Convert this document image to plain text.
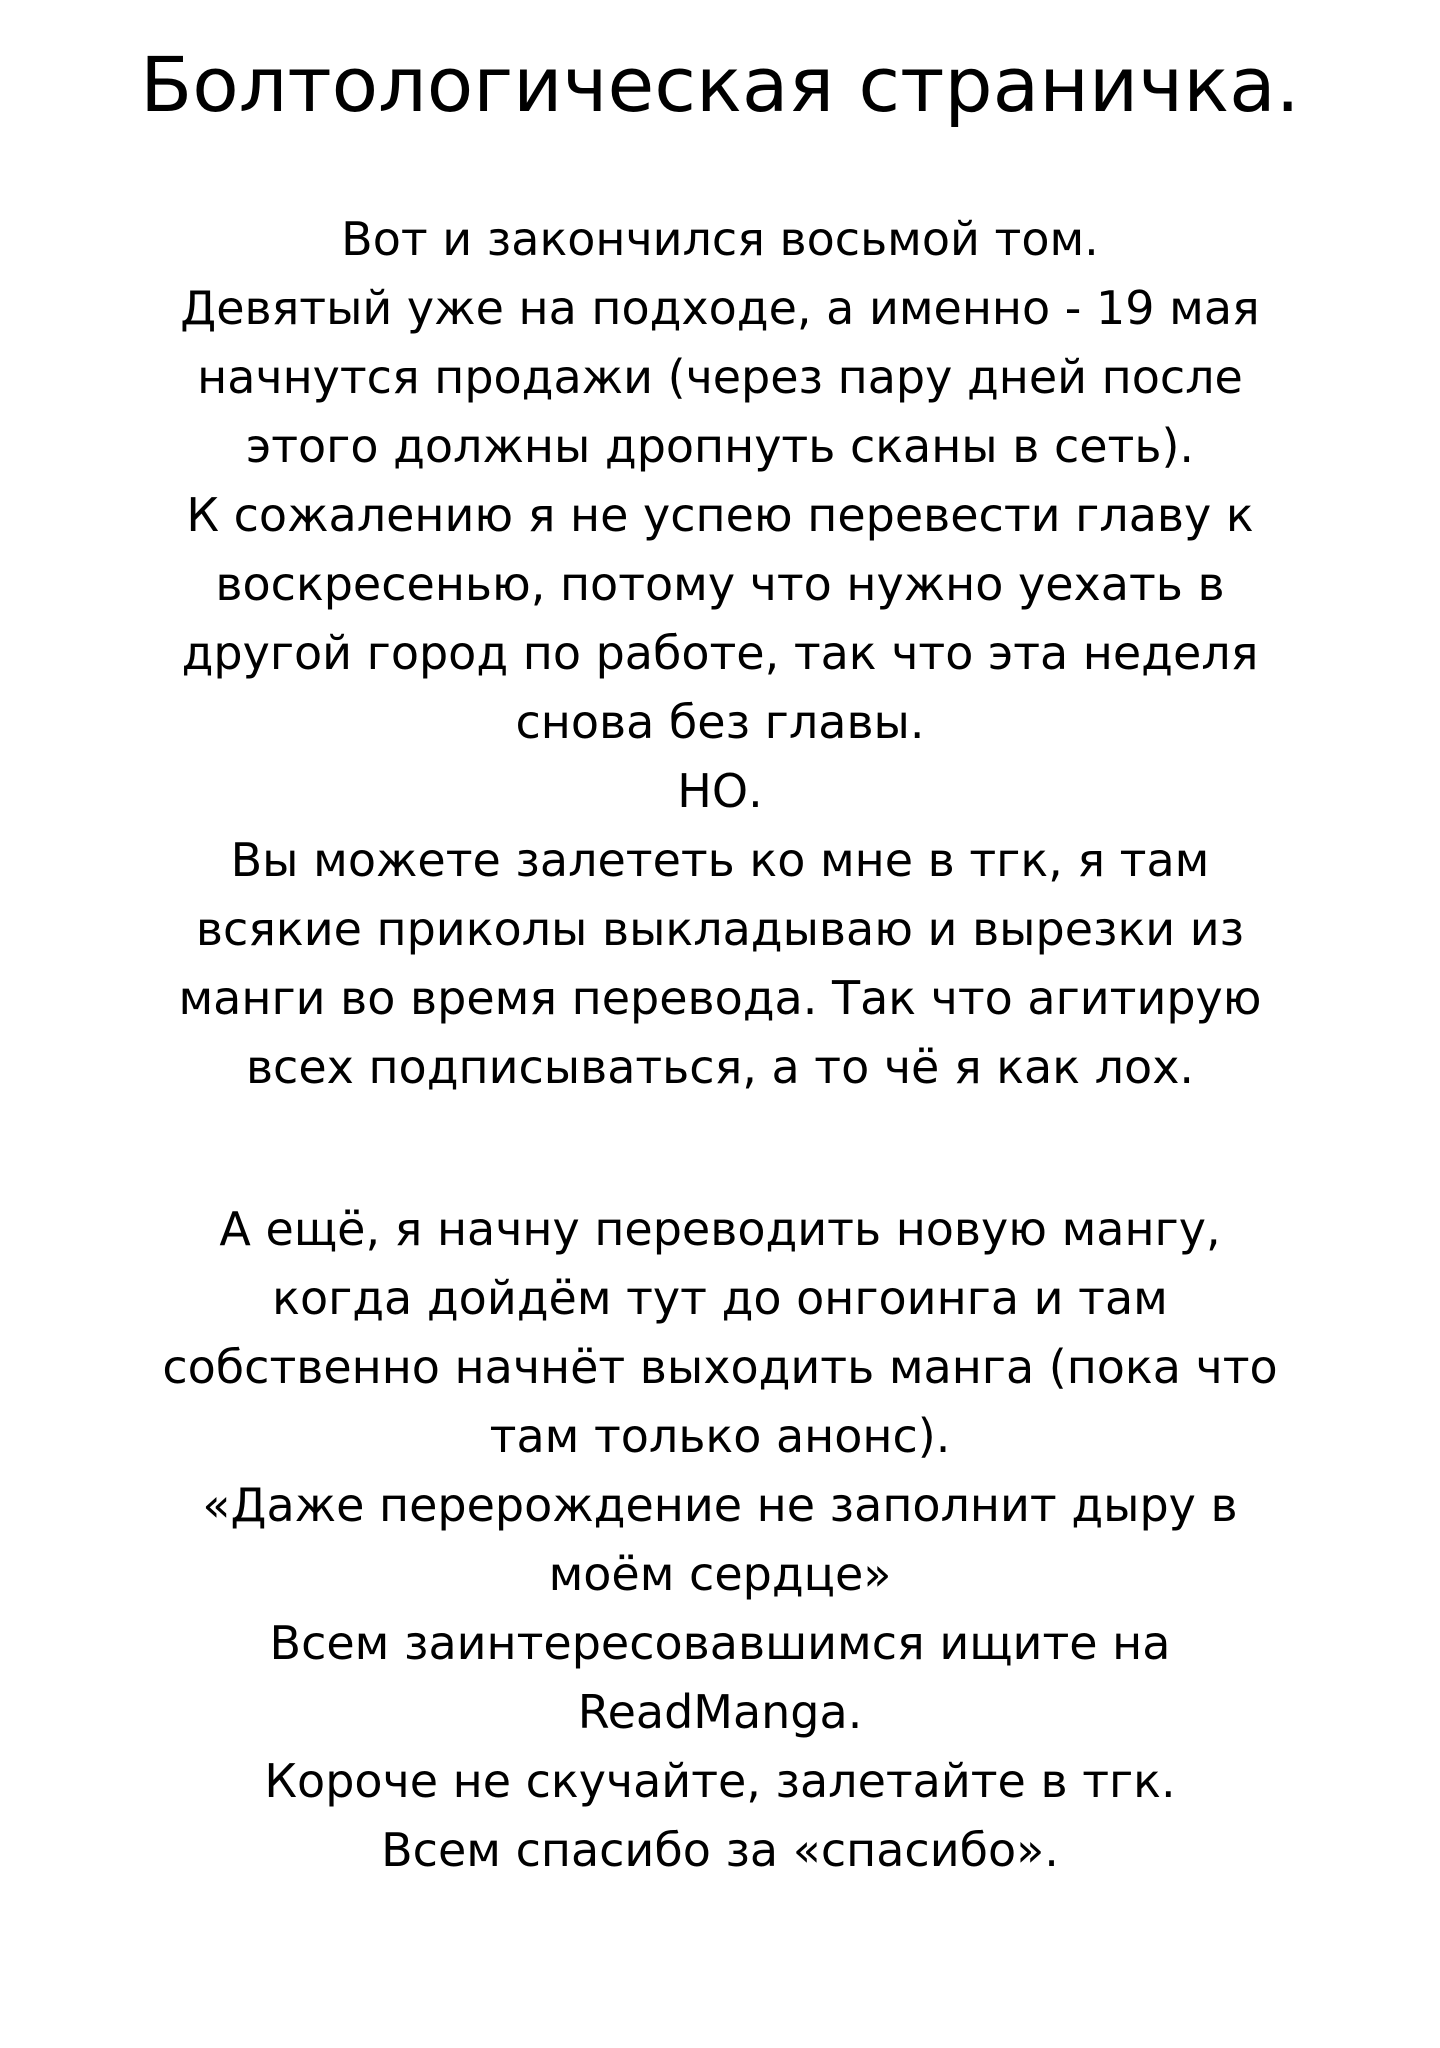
Болтологическая страничка.
Вот и закончился восьмой том.
Девятый уже на подходе, а именно - 19 мая
начнутся продажи (через пару дней после
этого должны дропнуть сканы в сеть).
К сожалению я не успею перевести главу к
воскресенью, потому что нужно уехать в
другой город по работе, так что эта неделя
снова без главы.
НО.
Вы можете залететь ко мне в тгк, я там
всякие приколы выкладываю и вырезки из
манги во время перевода. Так что агитирую
всех подписываться, а то чё я как лох.
А ещё, я начну переводить новую мангу,
когда дойдём тут до онгоинга и там
собственно начнёт выходить манга (пока что
там только анонс).
«Даже перерождение не заполнит дыру в
моём сердце»
Всем заинтересовавшимся ищите на
ReadManga.
Короче не скучайте, залетайте в тгк.
Всем спасибо за «спасибо».
